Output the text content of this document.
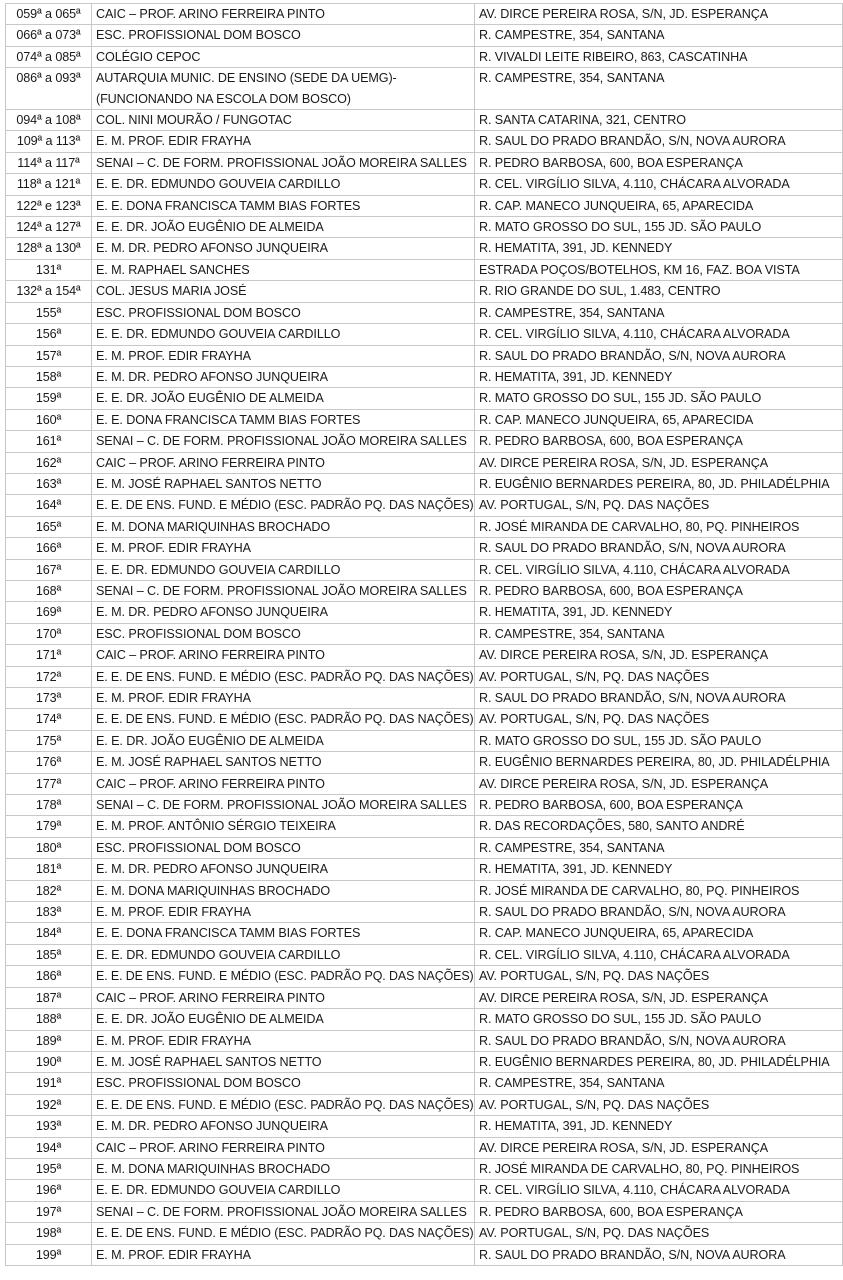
059ª a 065ª	CAIC – PROF. ARINO FERREIRA PINTO	AV. DIRCE PEREIRA ROSA, S/N, JD. ESPERANÇA
066ª a 073ª	ESC. PROFISSIONAL DOM BOSCO	R. CAMPESTRE, 354, SANTANA
074ª a 085ª	COLÉGIO CEPOC	R. VIVALDI LEITE RIBEIRO, 863, CASCATINHA
086ª a 093ª	AUTARQUIA MUNIC. DE ENSINO (SEDE DA UEMG)- (FUNCIONANDO NA ESCOLA DOM BOSCO)	R. CAMPESTRE, 354, SANTANA
094ª a 108ª	COL. NINI MOURÃO / FUNGOTAC	R. SANTA CATARINA, 321, CENTRO
109ª a 113ª	E. M. PROF. EDIR FRAYHA	R. SAUL DO PRADO BRANDÃO, S/N, NOVA AURORA
114ª a 117ª	SENAI – C. DE FORM. PROFISSIONAL JOÃO MOREIRA SALLES	R. PEDRO BARBOSA, 600, BOA ESPERANÇA
118ª a 121ª	E. E. DR. EDMUNDO GOUVEIA CARDILLO	R. CEL. VIRGÍLIO SILVA, 4.110, CHÁCARA ALVORADA
122ª e 123ª	E. E. DONA FRANCISCA TAMM BIAS FORTES	R. CAP. MANECO JUNQUEIRA, 65, APARECIDA
124ª a 127ª	E. E. DR. JOÃO EUGÊNIO DE ALMEIDA	R. MATO GROSSO DO SUL, 155 JD. SÃO PAULO
128ª a 130ª	E. M. DR. PEDRO AFONSO JUNQUEIRA	R. HEMATITA, 391, JD. KENNEDY
131ª	E. M. RAPHAEL SANCHES	ESTRADA POÇOS/BOTELHOS, KM 16, FAZ. BOA VISTA
132ª a 154ª	COL. JESUS MARIA JOSÉ	R. RIO GRANDE DO SUL, 1.483, CENTRO
155ª	ESC. PROFISSIONAL DOM BOSCO	R. CAMPESTRE, 354, SANTANA
156ª	E. E. DR. EDMUNDO GOUVEIA CARDILLO	R. CEL. VIRGÍLIO SILVA, 4.110, CHÁCARA ALVORADA
157ª	E. M. PROF. EDIR FRAYHA	R. SAUL DO PRADO BRANDÃO, S/N, NOVA AURORA
158ª	E. M. DR. PEDRO AFONSO JUNQUEIRA	R. HEMATITA, 391, JD. KENNEDY
159ª	E. E. DR. JOÃO EUGÊNIO DE ALMEIDA	R. MATO GROSSO DO SUL, 155 JD. SÃO PAULO
160ª	E. E. DONA FRANCISCA TAMM BIAS FORTES	R. CAP. MANECO JUNQUEIRA, 65, APARECIDA
161ª	SENAI – C. DE FORM. PROFISSIONAL JOÃO MOREIRA SALLES	R. PEDRO BARBOSA, 600, BOA ESPERANÇA
162ª	CAIC – PROF. ARINO FERREIRA PINTO	AV. DIRCE PEREIRA ROSA, S/N, JD. ESPERANÇA
163ª	E. M. JOSÉ RAPHAEL SANTOS NETTO	R. EUGÊNIO BERNARDES PEREIRA, 80, JD. PHILADÉLPHIA
164ª	E. E. DE ENS. FUND. E MÉDIO (ESC. PADRÃO PQ. DAS NAÇÕES)	AV. PORTUGAL, S/N, PQ. DAS NAÇÕES
165ª	E. M. DONA MARIQUINHAS BROCHADO	R. JOSÉ MIRANDA DE CARVALHO, 80, PQ. PINHEIROS
166ª	E. M. PROF. EDIR FRAYHA	R. SAUL DO PRADO BRANDÃO, S/N, NOVA AURORA
167ª	E. E. DR. EDMUNDO GOUVEIA CARDILLO	R. CEL. VIRGÍLIO SILVA, 4.110, CHÁCARA ALVORADA
168ª	SENAI – C. DE FORM. PROFISSIONAL JOÃO MOREIRA SALLES	R. PEDRO BARBOSA, 600, BOA ESPERANÇA
169ª	E. M. DR. PEDRO AFONSO JUNQUEIRA	R. HEMATITA, 391, JD. KENNEDY
170ª	ESC. PROFISSIONAL DOM BOSCO	R. CAMPESTRE, 354, SANTANA
171ª	CAIC – PROF. ARINO FERREIRA PINTO	AV. DIRCE PEREIRA ROSA, S/N, JD. ESPERANÇA
172ª	E. E. DE ENS. FUND. E MÉDIO (ESC. PADRÃO PQ. DAS NAÇÕES)	AV. PORTUGAL, S/N, PQ. DAS NAÇÕES
173ª	E. M. PROF. EDIR FRAYHA	R. SAUL DO PRADO BRANDÃO, S/N, NOVA AURORA
174ª	E. E. DE ENS. FUND. E MÉDIO (ESC. PADRÃO PQ. DAS NAÇÕES)	AV. PORTUGAL, S/N, PQ. DAS NAÇÕES
175ª	E. E. DR. JOÃO EUGÊNIO DE ALMEIDA	R. MATO GROSSO DO SUL, 155 JD. SÃO PAULO
176ª	E. M. JOSÉ RAPHAEL SANTOS NETTO	R. EUGÊNIO BERNARDES PEREIRA, 80, JD. PHILADÉLPHIA
177ª	CAIC – PROF. ARINO FERREIRA PINTO	AV. DIRCE PEREIRA ROSA, S/N, JD. ESPERANÇA
178ª	SENAI – C. DE FORM. PROFISSIONAL JOÃO MOREIRA SALLES	R. PEDRO BARBOSA, 600, BOA ESPERANÇA
179ª	E. M. PROF. ANTÔNIO SÉRGIO TEIXEIRA	R. DAS RECORDAÇÕES, 580, SANTO ANDRÉ
180ª	ESC. PROFISSIONAL DOM BOSCO	R. CAMPESTRE, 354, SANTANA
181ª	E. M. DR. PEDRO AFONSO JUNQUEIRA	R. HEMATITA, 391, JD. KENNEDY
182ª	E. M. DONA MARIQUINHAS BROCHADO	R. JOSÉ MIRANDA DE CARVALHO, 80, PQ. PINHEIROS
183ª	E. M. PROF. EDIR FRAYHA	R. SAUL DO PRADO BRANDÃO, S/N, NOVA AURORA
184ª	E. E. DONA FRANCISCA TAMM BIAS FORTES	R. CAP. MANECO JUNQUEIRA, 65, APARECIDA
185ª	E. E. DR. EDMUNDO GOUVEIA CARDILLO	R. CEL. VIRGÍLIO SILVA, 4.110, CHÁCARA ALVORADA
186ª	E. E. DE ENS. FUND. E MÉDIO (ESC. PADRÃO PQ. DAS NAÇÕES)	AV. PORTUGAL, S/N, PQ. DAS NAÇÕES
187ª	CAIC – PROF. ARINO FERREIRA PINTO	AV. DIRCE PEREIRA ROSA, S/N, JD. ESPERANÇA
188ª	E. E. DR. JOÃO EUGÊNIO DE ALMEIDA	R. MATO GROSSO DO SUL, 155 JD. SÃO PAULO
189ª	E. M. PROF. EDIR FRAYHA	R. SAUL DO PRADO BRANDÃO, S/N, NOVA AURORA
190ª	E. M. JOSÉ RAPHAEL SANTOS NETTO	R. EUGÊNIO BERNARDES PEREIRA, 80, JD. PHILADÉLPHIA
191ª	ESC. PROFISSIONAL DOM BOSCO	R. CAMPESTRE, 354, SANTANA
192ª	E. E. DE ENS. FUND. E MÉDIO (ESC. PADRÃO PQ. DAS NAÇÕES)	AV. PORTUGAL, S/N, PQ. DAS NAÇÕES
193ª	E. M. DR. PEDRO AFONSO JUNQUEIRA	R. HEMATITA, 391, JD. KENNEDY
194ª	CAIC – PROF. ARINO FERREIRA PINTO	AV. DIRCE PEREIRA ROSA, S/N, JD. ESPERANÇA
195ª	E. M. DONA MARIQUINHAS BROCHADO	R. JOSÉ MIRANDA DE CARVALHO, 80, PQ. PINHEIROS
196ª	E. E. DR. EDMUNDO GOUVEIA CARDILLO	R. CEL. VIRGÍLIO SILVA, 4.110, CHÁCARA ALVORADA
197ª	SENAI – C. DE FORM. PROFISSIONAL JOÃO MOREIRA SALLES	R. PEDRO BARBOSA, 600, BOA ESPERANÇA
198ª	E. E. DE ENS. FUND. E MÉDIO (ESC. PADRÃO PQ. DAS NAÇÕES)	AV. PORTUGAL, S/N, PQ. DAS NAÇÕES
199ª	E. M. PROF. EDIR FRAYHA	R. SAUL DO PRADO BRANDÃO, S/N, NOVA AURORA
